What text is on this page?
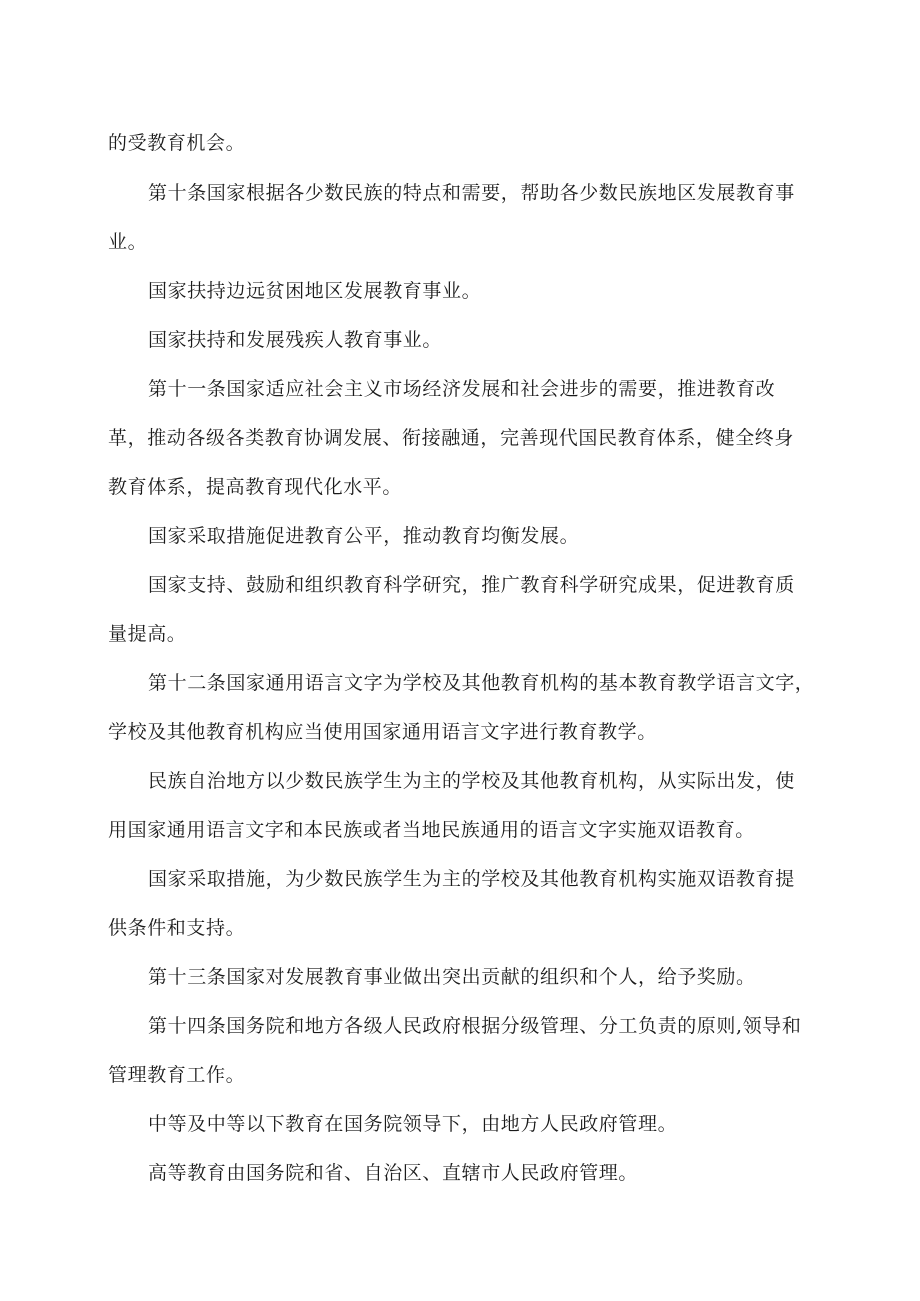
的受教育机会。
第十条国家根据各少数民族的特点和需要，帮助各少数民族地区发展教育事
业。
国家扶持边远贫困地区发展教育事业。
国家扶持和发展残疾人教育事业。
第十一条国家适应社会主义市场经济发展和社会进步的需要，推进教育改
革，推动各级各类教育协调发展、衔接融通，完善现代国民教育体系，健全终身
教育体系，提高教育现代化水平。
国家采取措施促进教育公平，推动教育均衡发展。
国家支持、鼓励和组织教育科学研究，推广教育科学研究成果，促进教育质
量提高。
第十二条国家通用语言文字为学校及其他教育机构的基本教育教学语言文字，
学校及其他教育机构应当使用国家通用语言文字进行教育教学。
民族自治地方以少数民族学生为主的学校及其他教育机构，从实际出发，使
用国家通用语言文字和本民族或者当地民族通用的语言文字实施双语教育。
国家采取措施，为少数民族学生为主的学校及其他教育机构实施双语教育提
供条件和支持。
第十三条国家对发展教育事业做出突出贡献的组织和个人，给予奖励。
第十四条国务院和地方各级人民政府根据分级管理、分工负责的原则,领导和
管理教育工作。
中等及中等以下教育在国务院领导下，由地方人民政府管理。
高等教育由国务院和省、自治区、直辖市人民政府管理。
